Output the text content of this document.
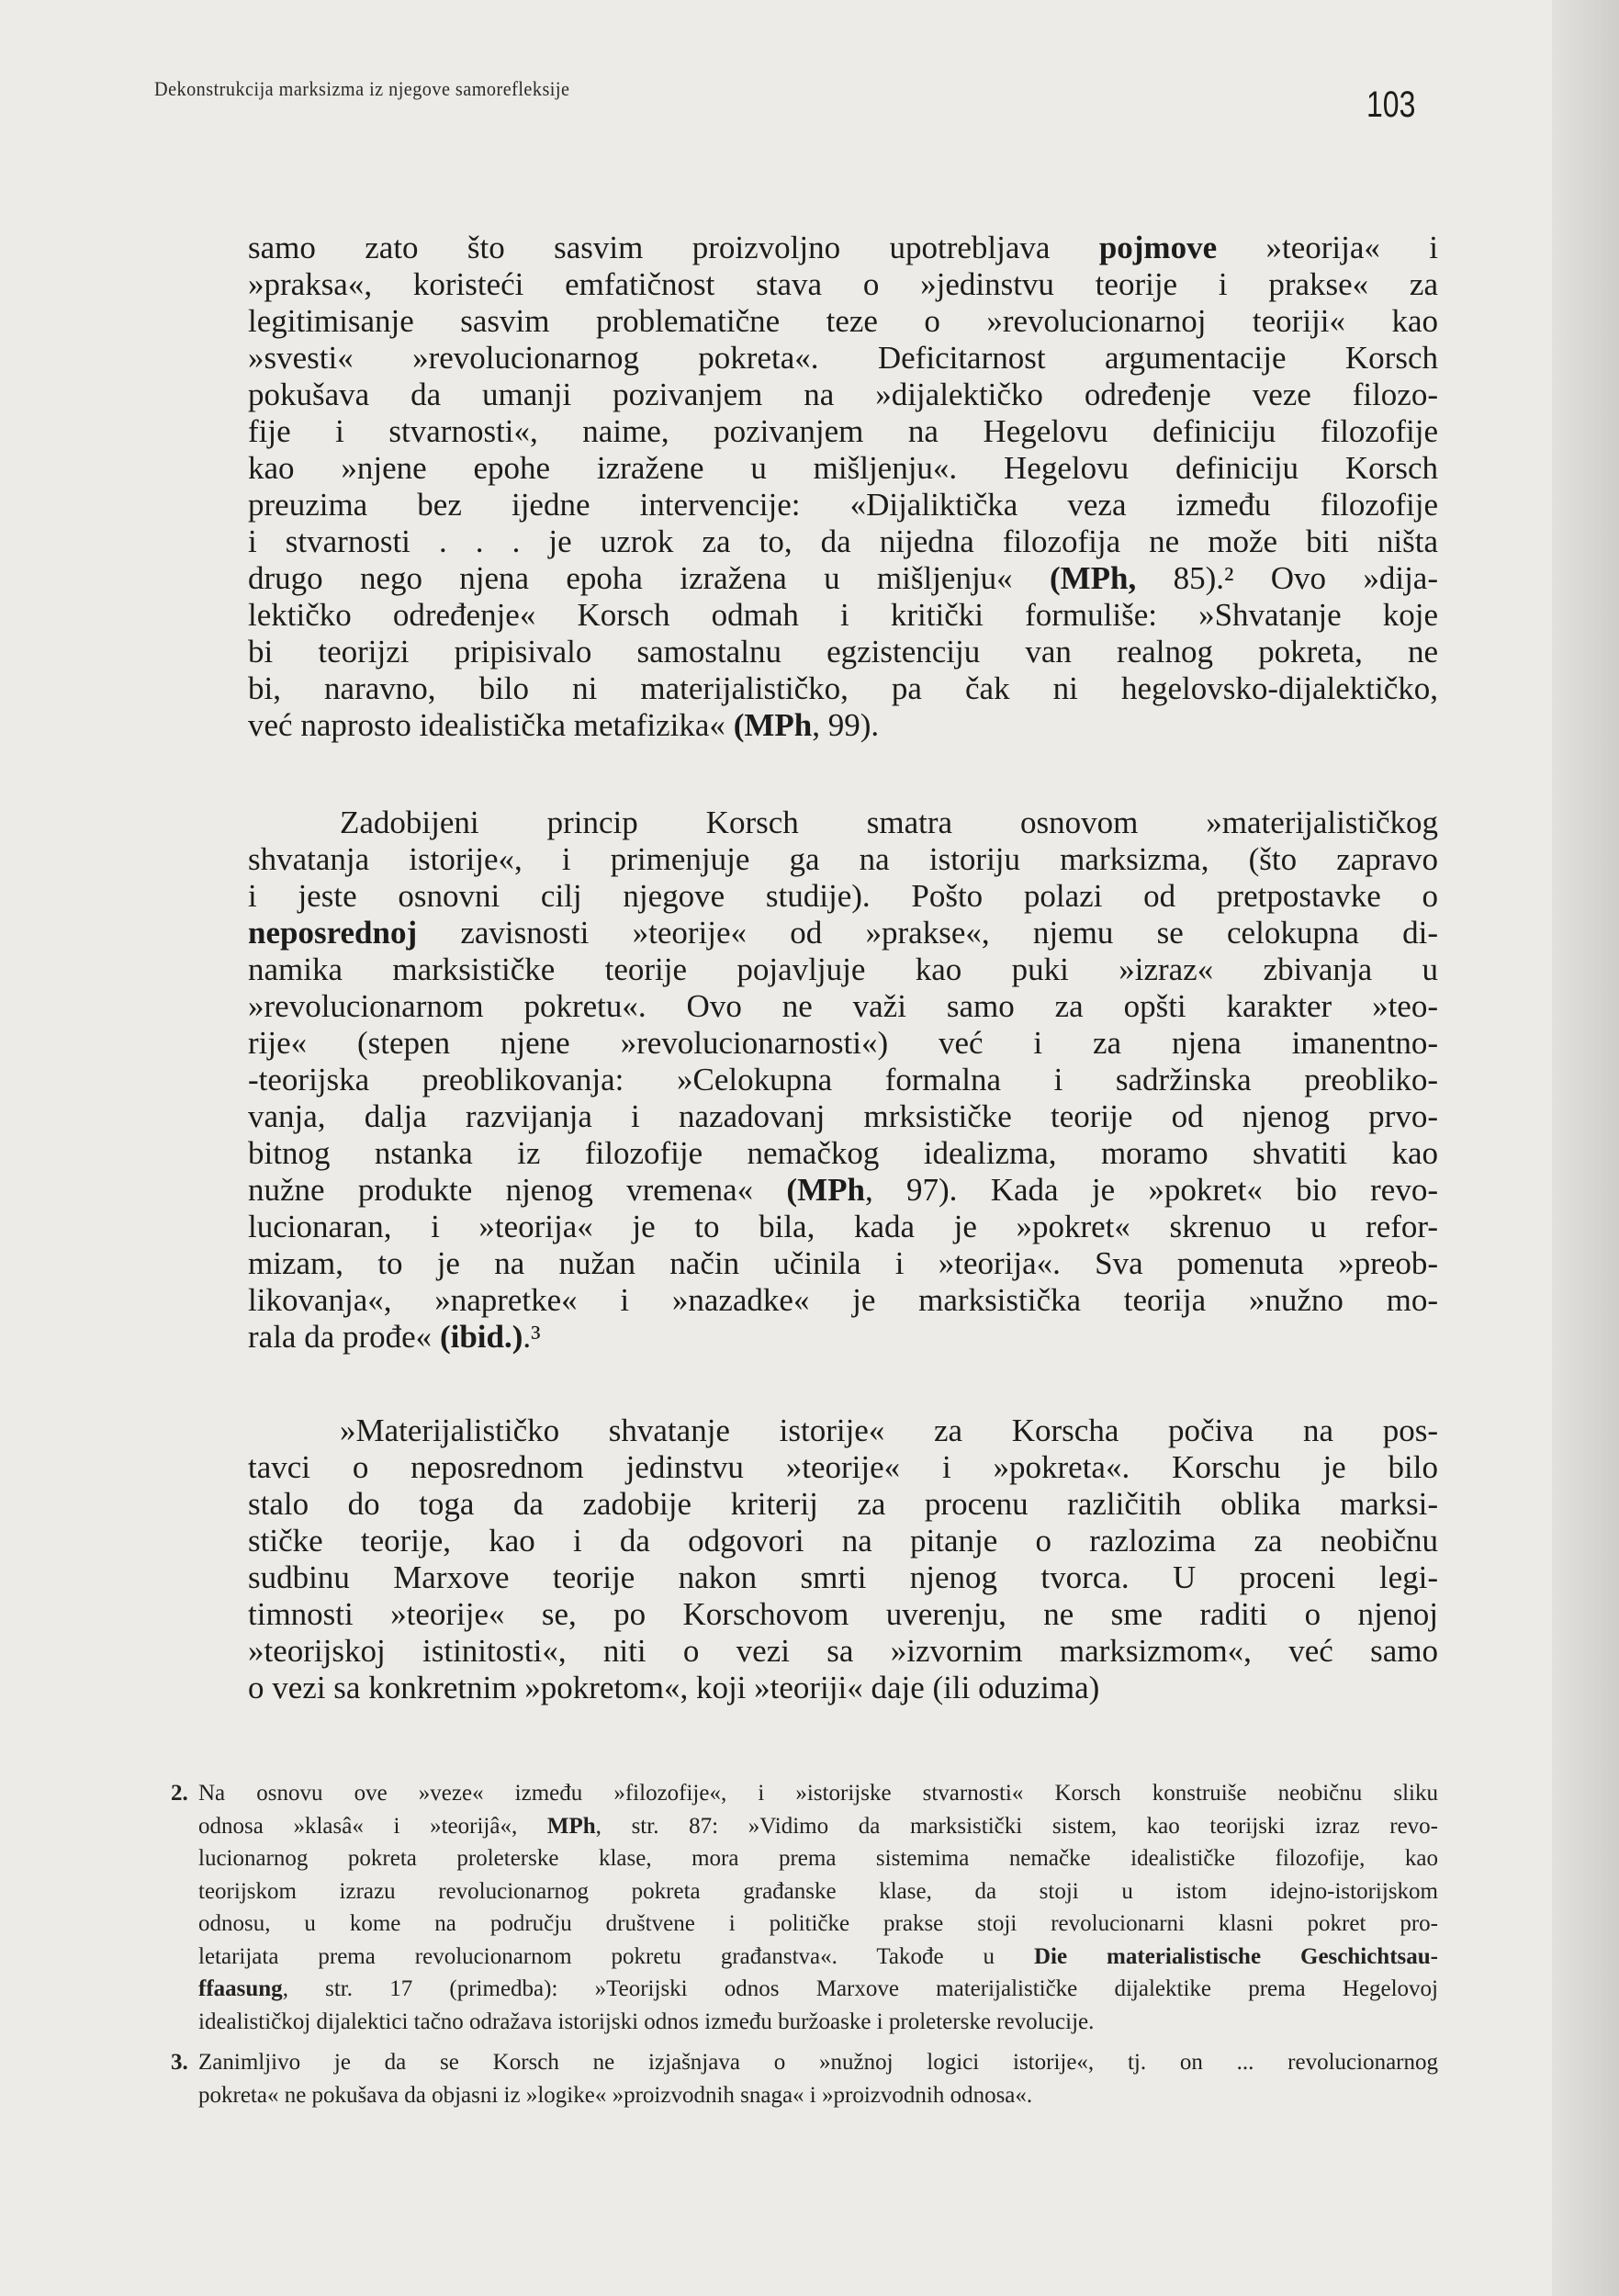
Dekonstrukcija marksizma iz njegove samorefleksije	103
samo zato što sasvim proizvoljno upotrebljava pojmove »teorija« i
»praksa«, koristeći emfatičnost stava o »jedinstvu teorije i prakse« za
legitimisanje sasvim problematične teze o »revolucionarnoj teoriji« kao
»svesti« »revolucionarnog pokreta«. Deficitarnost argumentacije Korsch
pokušava da umanji pozivanjem na »dijalektičko određenje veze filozo-
fije i stvarnosti«, naime, pozivanjem na Hegelovu definiciju filozofije
kao »njene epohe izražene u mišljenju«. Hegelovu definiciju Korsch
preuzima bez ijedne intervencije: «Dijaliktička veza između filozofije
i stvarnosti . . . je uzrok za to, da nijedna filozofija ne može biti ništa
drugo nego njena epoha izražena u mišljenju« (MPh, 85).² Ovo »dija-
lektičko određenje« Korsch odmah i kritički formuliše: »Shvatanje koje
bi teorijzi pripisivalo samostalnu egzistenciju van realnog pokreta, ne
bi, naravno, bilo ni materijalističko, pa čak ni hegelovsko-dijalektičko,
već naprosto idealistička metafizika« (MPh, 99).
Zadobijeni princip Korsch smatra osnovom »materijalističkog
shvatanja istorije«, i primenjuje ga na istoriju marksizma, (što zapravo
i jeste osnovni cilj njegove studije). Pošto polazi od pretpostavke o
neposrednoj zavisnosti »teorije« od »prakse«, njemu se celokupna di-
namika marksističke teorije pojavljuje kao puki »izraz« zbivanja u
»revolucionarnom pokretu«. Ovo ne važi samo za opšti karakter »teo-
rije« (stepen njene »revolucionarnosti«) već i za njena imanentno-
-teorijska preoblikovanja: »Celokupna formalna i sadržinska preobliko-
vanja, dalja razvijanja i nazadovanj mrksističke teorije od njenog prvo-
bitnog nstanka iz filozofije nemačkog idealizma, moramo shvatiti kao
nužne produkte njenog vremena« (MPh, 97). Kada je »pokret« bio revo-
lucionaran, i »teorija« je to bila, kada je »pokret« skrenuo u refor-
mizam, to je na nužan način učinila i »teorija«. Sva pomenuta »preob-
likovanja«, »napretke« i »nazadke« je marksistička teorija »nužno mo-
rala da prođe« (ibid.).³
»Materijalističko shvatanje istorije« za Korscha počiva na pos-
tavci o neposrednom jedinstvu »teorije« i »pokreta«. Korschu je bilo
stalo do toga da zadobije kriterij za procenu različitih oblika marksi-
stičke teorije, kao i da odgovori na pitanje o razlozima za neobičnu
sudbinu Marxove teorije nakon smrti njenog tvorca. U proceni legi-
timnosti »teorije« se, po Korschovom uverenju, ne sme raditi o njenoj
»teorijskoj istinitosti«, niti o vezi sa »izvornim marksizmom«, već samo
o vezi sa konkretnim »pokretom«, koji »teoriji« daje (ili oduzima)
2. Na osnovu ove »veze« između »filozofije«, i »istorijske stvarnosti« Korsch konstruiše neobičnu sliku
odnosa »klasâ« i »teorijâ«, MPh, str. 87: »Vidimo da marksistički sistem, kao teorijski izraz revo-
lucionarnog pokreta proleterske klase, mora prema sistemima nemačke idealističke filozofije, kao
teorijskom izrazu revolucionarnog pokreta građanske klase, da stoji u istom idejno-istorijskom
odnosu, u kome na području društvene i političke prakse stoji revolucionarni klasni pokret pro-
letarijata prema revolucionarnom pokretu građanstva«. Takođe u Die materialistische Geschichtsau-
ffaasung, str. 17 (primedba): »Teorijski odnos Marxove materijalističke dijalektike prema Hegelovoj
idealističkoj dijalektici tačno odražava istorijski odnos između buržoaske i proleterske revolucije.
3. Zanimljivo je da se Korsch ne izjašnjava o »nužnoj logici istorije«, tj. on ... revolucionarnog
pokreta« ne pokušava da objasni iz »logike« »proizvodnih snaga« i »proizvodnih odnosa«.
